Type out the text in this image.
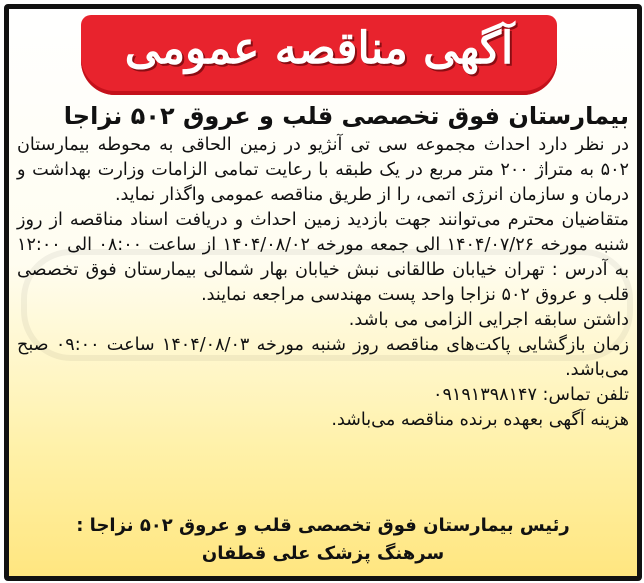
آگهی مناقصه عمومی
بیمارستان فوق تخصصی قلب و عروق ۵۰۲ نزاجا
در نظر دارد احداث مجموعه سی تی آنژیو در زمین الحاقی به محوطه بیمارستان ۵۰۲ به متراژ ۲۰۰ متر مربع در یک طبقه با رعایت تمامی الزامات وزارت بهداشت و درمان و سازمان انرژی اتمی، را از طریق مناقصه عمومی واگذار نماید.
متقاضیان محترم می‌توانند جهت بازدید زمین احداث و دریافت اسناد مناقصه از روز شنبه مورخه ۱۴۰۴/۰۷/۲۶ الی جمعه مورخه ۱۴۰۴/۰۸/۰۲ از ساعت ۰۸:۰۰ الی ۱۲:۰۰ به آدرس : تهران خیابان طالقانی نبش خیابان بهار شمالی بیمارستان فوق تخصصی قلب و عروق ۵۰۲ نزاجا واحد پست مهندسی مراجعه نمایند.
داشتن سابقه اجرایی الزامی می باشد.
زمان بازگشایی پاکت‌های مناقصه روز شنبه مورخه ۱۴۰۴/۰۸/۰۳ ساعت ۰۹:۰۰ صبح می‌باشد.
تلفن تماس: ۰۹۱۹۱۳۹۸۱۴۷
هزینه آگهی بعهده برنده مناقصه می‌باشد.
رئیس بیمارستان فوق تخصصی قلب و عروق ۵۰۲ نزاجا :
سرهنگ پزشک علی قطفان
